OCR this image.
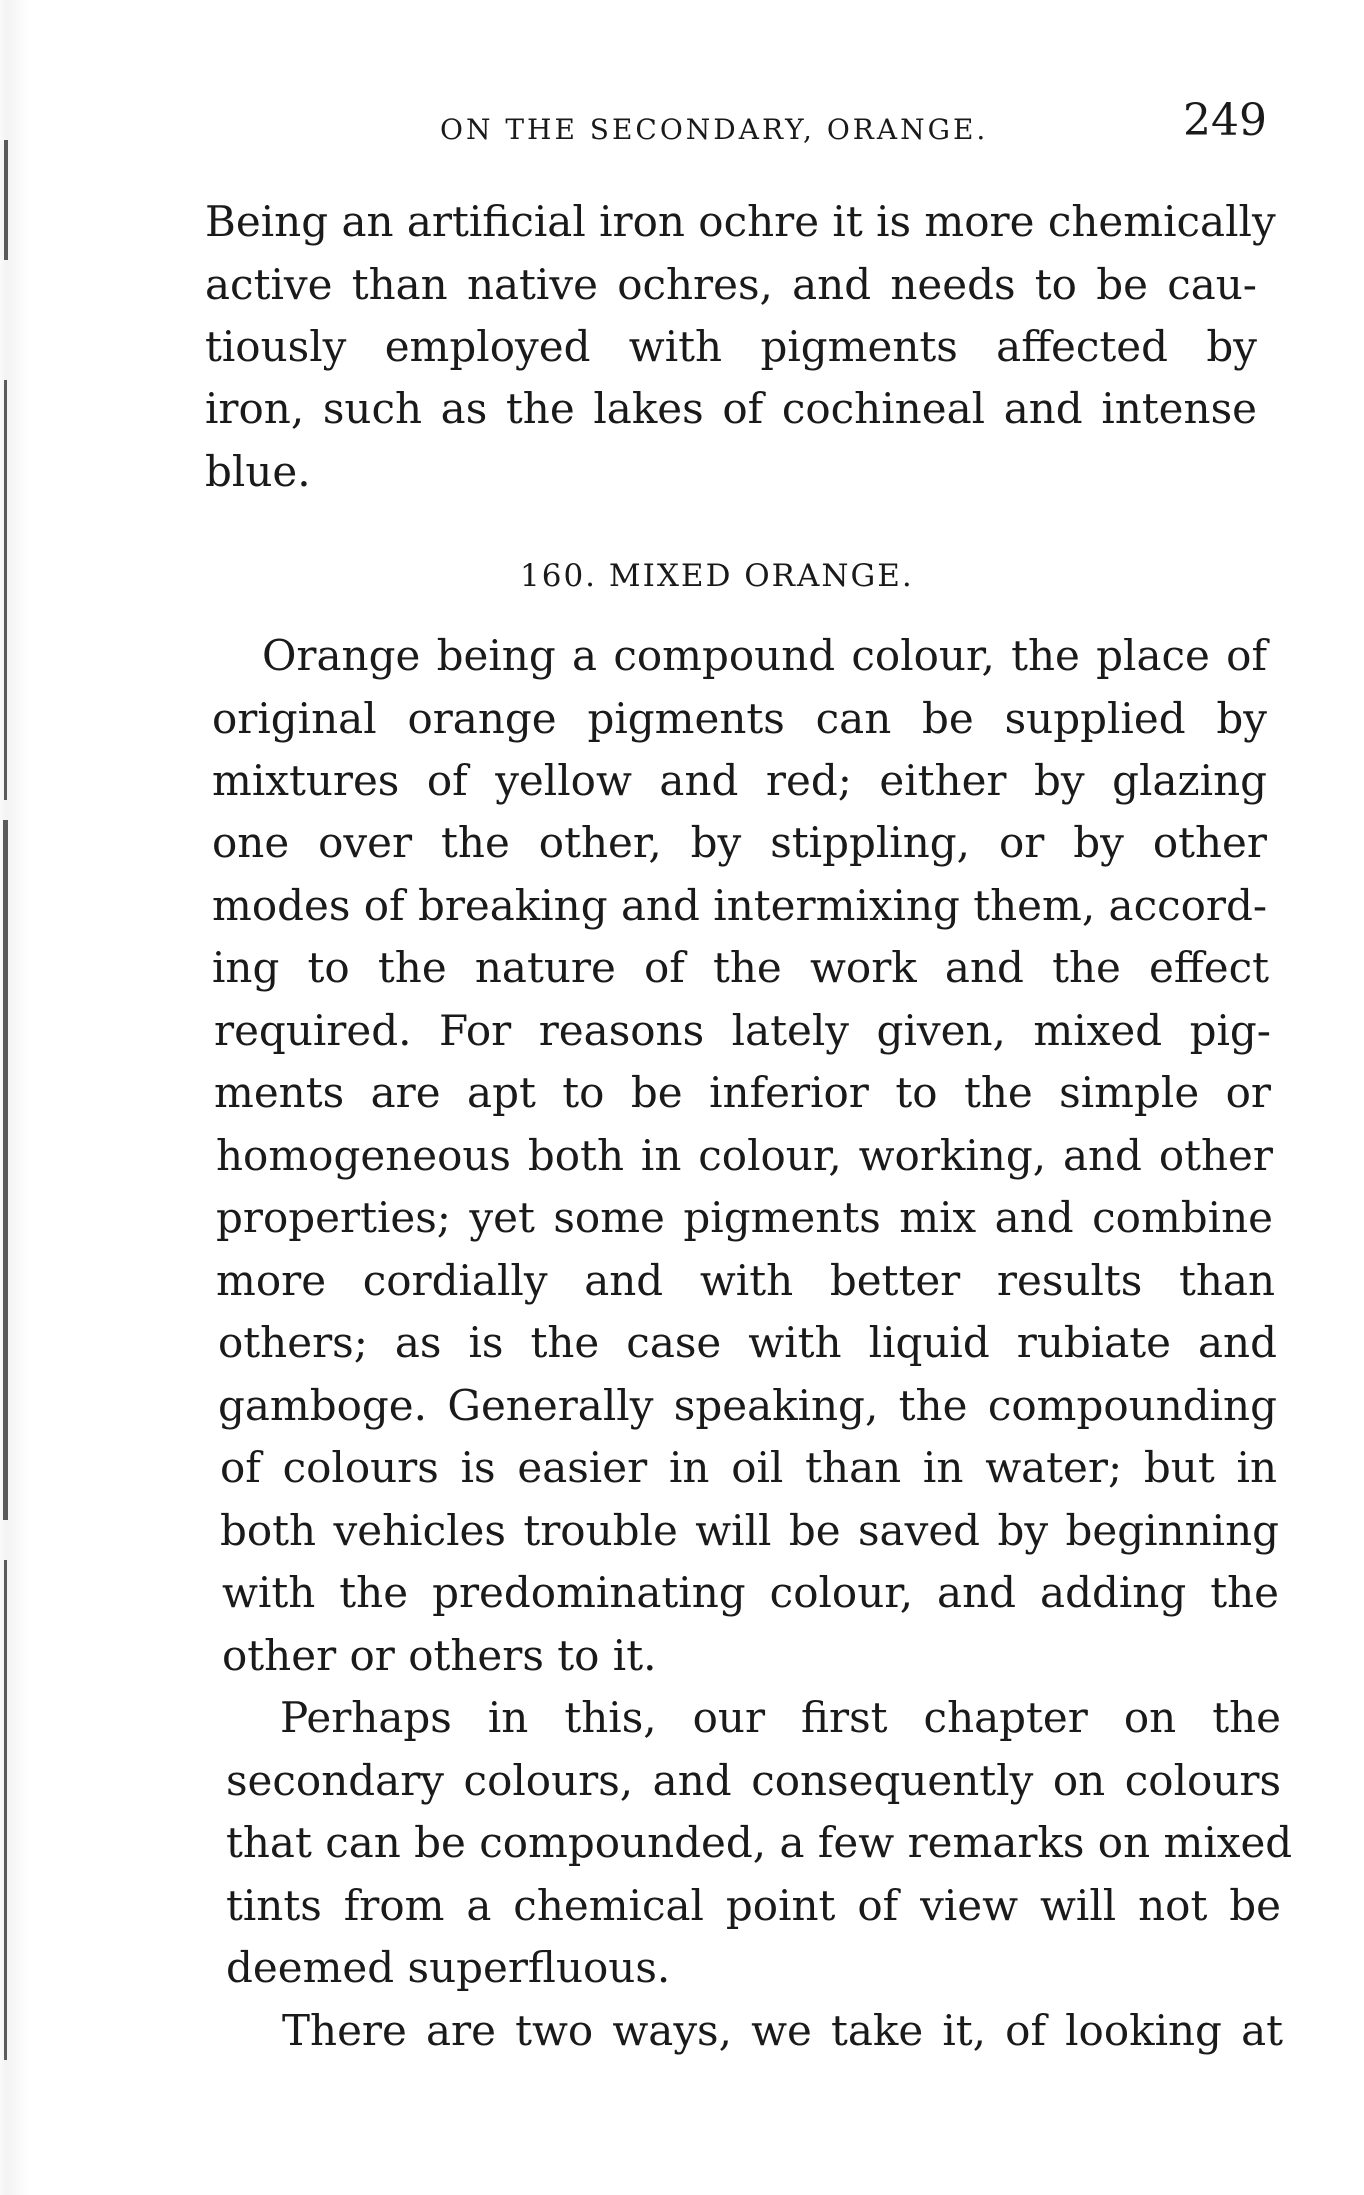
ON THE SECONDARY, ORANGE.	249
Being an artificial iron ochre it is more chemically
active than native ochres, and needs to be cau-
tiously employed with pigments affected by
iron, such as the lakes of cochineal and intense
blue.
160. MIXED ORANGE.
Orange being a compound colour, the place of
original orange pigments can be supplied by
mixtures of yellow and red; either by glazing
one over the other, by stippling, or by other
modes of breaking and intermixing them, accord-
ing to the nature of the work and the effect
required. For reasons lately given, mixed pig-
ments are apt to be inferior to the simple or
homogeneous both in colour, working, and other
properties; yet some pigments mix and combine
more cordially and with better results than
others; as is the case with liquid rubiate and
gamboge. Generally speaking, the compounding
of colours is easier in oil than in water; but in
both vehicles trouble will be saved by beginning
with the predominating colour, and adding the
other or others to it.
Perhaps in this, our first chapter on the
secondary colours, and consequently on colours
that can be compounded, a few remarks on mixed
tints from a chemical point of view will not be
deemed superfluous.
There are two ways, we take it, of looking at
